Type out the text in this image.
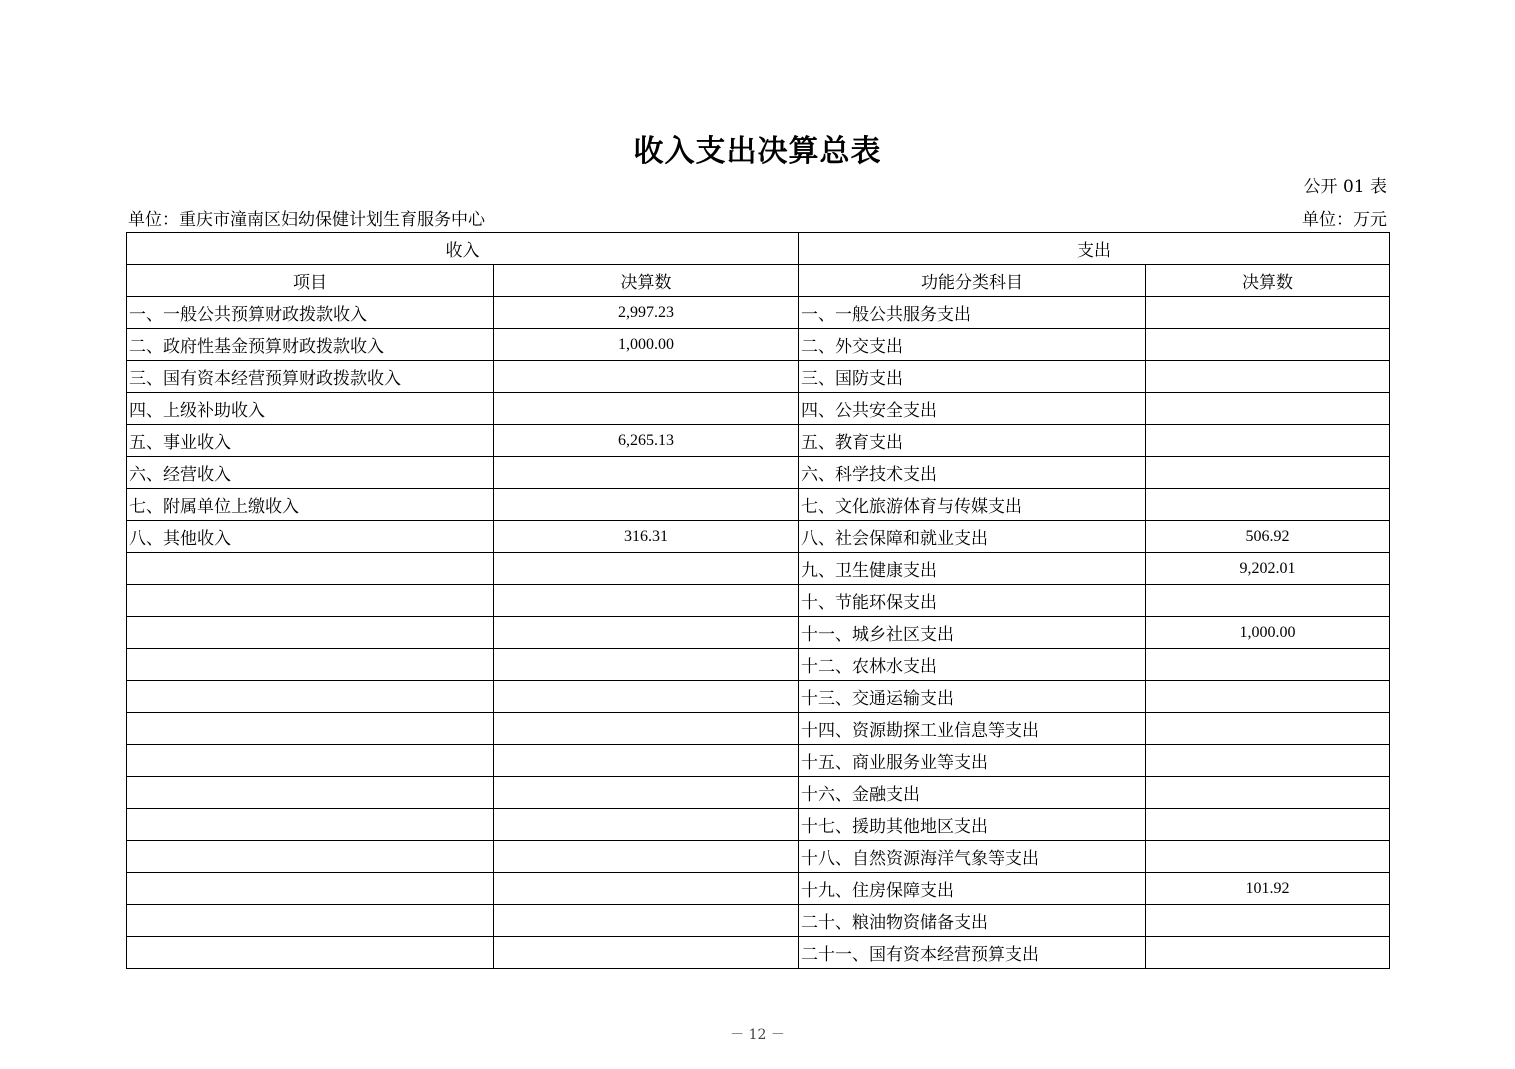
收入支出决算总表
公开 01 表
单位：重庆市潼南区妇幼保健计划生育服务中心	单位：万元
收入		支出	
项目	决算数	功能分类科目	决算数
一、一般公共预算财政拨款收入	2,997.23	一、一般公共服务支出	
二、政府性基金预算财政拨款收入	1,000.00	二、外交支出	
三、国有资本经营预算财政拨款收入		三、国防支出	
四、上级补助收入		四、公共安全支出	
五、事业收入	6,265.13	五、教育支出	
六、经营收入		六、科学技术支出	
七、附属单位上缴收入		七、文化旅游体育与传媒支出	
八、其他收入	316.31	八、社会保障和就业支出	506.92
		九、卫生健康支出	9,202.01
		十、节能环保支出	
		十一、城乡社区支出	1,000.00
		十二、农林水支出	
		十三、交通运输支出	
		十四、资源勘探工业信息等支出	
		十五、商业服务业等支出	
		十六、金融支出	
		十七、援助其他地区支出	
		十八、自然资源海洋气象等支出	
		十九、住房保障支出	101.92
		二十、粮油物资储备支出	
		二十一、国有资本经营预算支出	
－ 12 －
